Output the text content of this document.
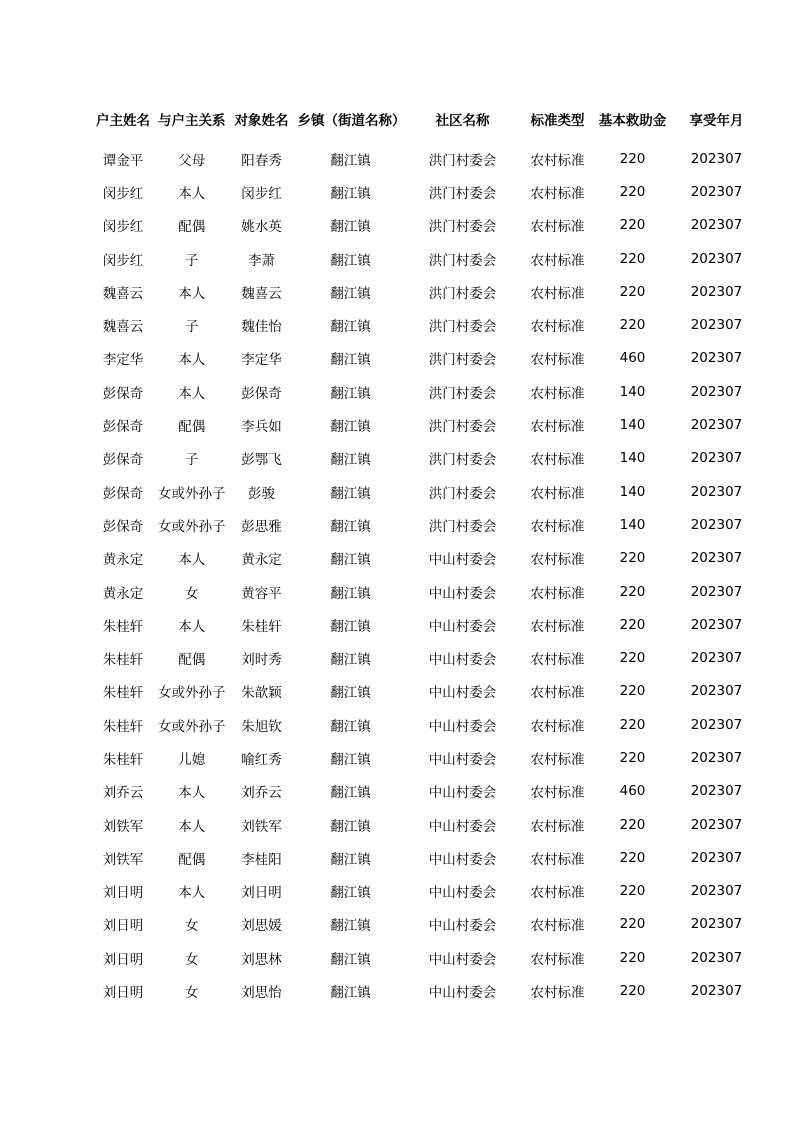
户主姓名	与户主关系	对象姓名	乡镇（街道名称）	社区名称	标准类型	基本救助金	享受年月
谭金平	父母	阳春秀	翻江镇	洪门村委会	农村标准	220	202307
闵步红	本人	闵步红	翻江镇	洪门村委会	农村标准	220	202307
闵步红	配偶	姚水英	翻江镇	洪门村委会	农村标准	220	202307
闵步红	子	李萧	翻江镇	洪门村委会	农村标准	220	202307
魏喜云	本人	魏喜云	翻江镇	洪门村委会	农村标准	220	202307
魏喜云	子	魏佳怡	翻江镇	洪门村委会	农村标准	220	202307
李定华	本人	李定华	翻江镇	洪门村委会	农村标准	460	202307
彭保奇	本人	彭保奇	翻江镇	洪门村委会	农村标准	140	202307
彭保奇	配偶	李兵如	翻江镇	洪门村委会	农村标准	140	202307
彭保奇	子	彭鄂飞	翻江镇	洪门村委会	农村标准	140	202307
彭保奇	女或外孙子	彭骏	翻江镇	洪门村委会	农村标准	140	202307
彭保奇	女或外孙子	彭思雅	翻江镇	洪门村委会	农村标准	140	202307
黄永定	本人	黄永定	翻江镇	中山村委会	农村标准	220	202307
黄永定	女	黄容平	翻江镇	中山村委会	农村标准	220	202307
朱桂轩	本人	朱桂轩	翻江镇	中山村委会	农村标准	220	202307
朱桂轩	配偶	刘时秀	翻江镇	中山村委会	农村标准	220	202307
朱桂轩	女或外孙子	朱歆颖	翻江镇	中山村委会	农村标准	220	202307
朱桂轩	女或外孙子	朱旭钦	翻江镇	中山村委会	农村标准	220	202307
朱桂轩	儿媳	喻红秀	翻江镇	中山村委会	农村标准	220	202307
刘乔云	本人	刘乔云	翻江镇	中山村委会	农村标准	460	202307
刘铁军	本人	刘铁军	翻江镇	中山村委会	农村标准	220	202307
刘铁军	配偶	李桂阳	翻江镇	中山村委会	农村标准	220	202307
刘日明	本人	刘日明	翻江镇	中山村委会	农村标准	220	202307
刘日明	女	刘思媛	翻江镇	中山村委会	农村标准	220	202307
刘日明	女	刘思林	翻江镇	中山村委会	农村标准	220	202307
刘日明	女	刘思怡	翻江镇	中山村委会	农村标准	220	202307
